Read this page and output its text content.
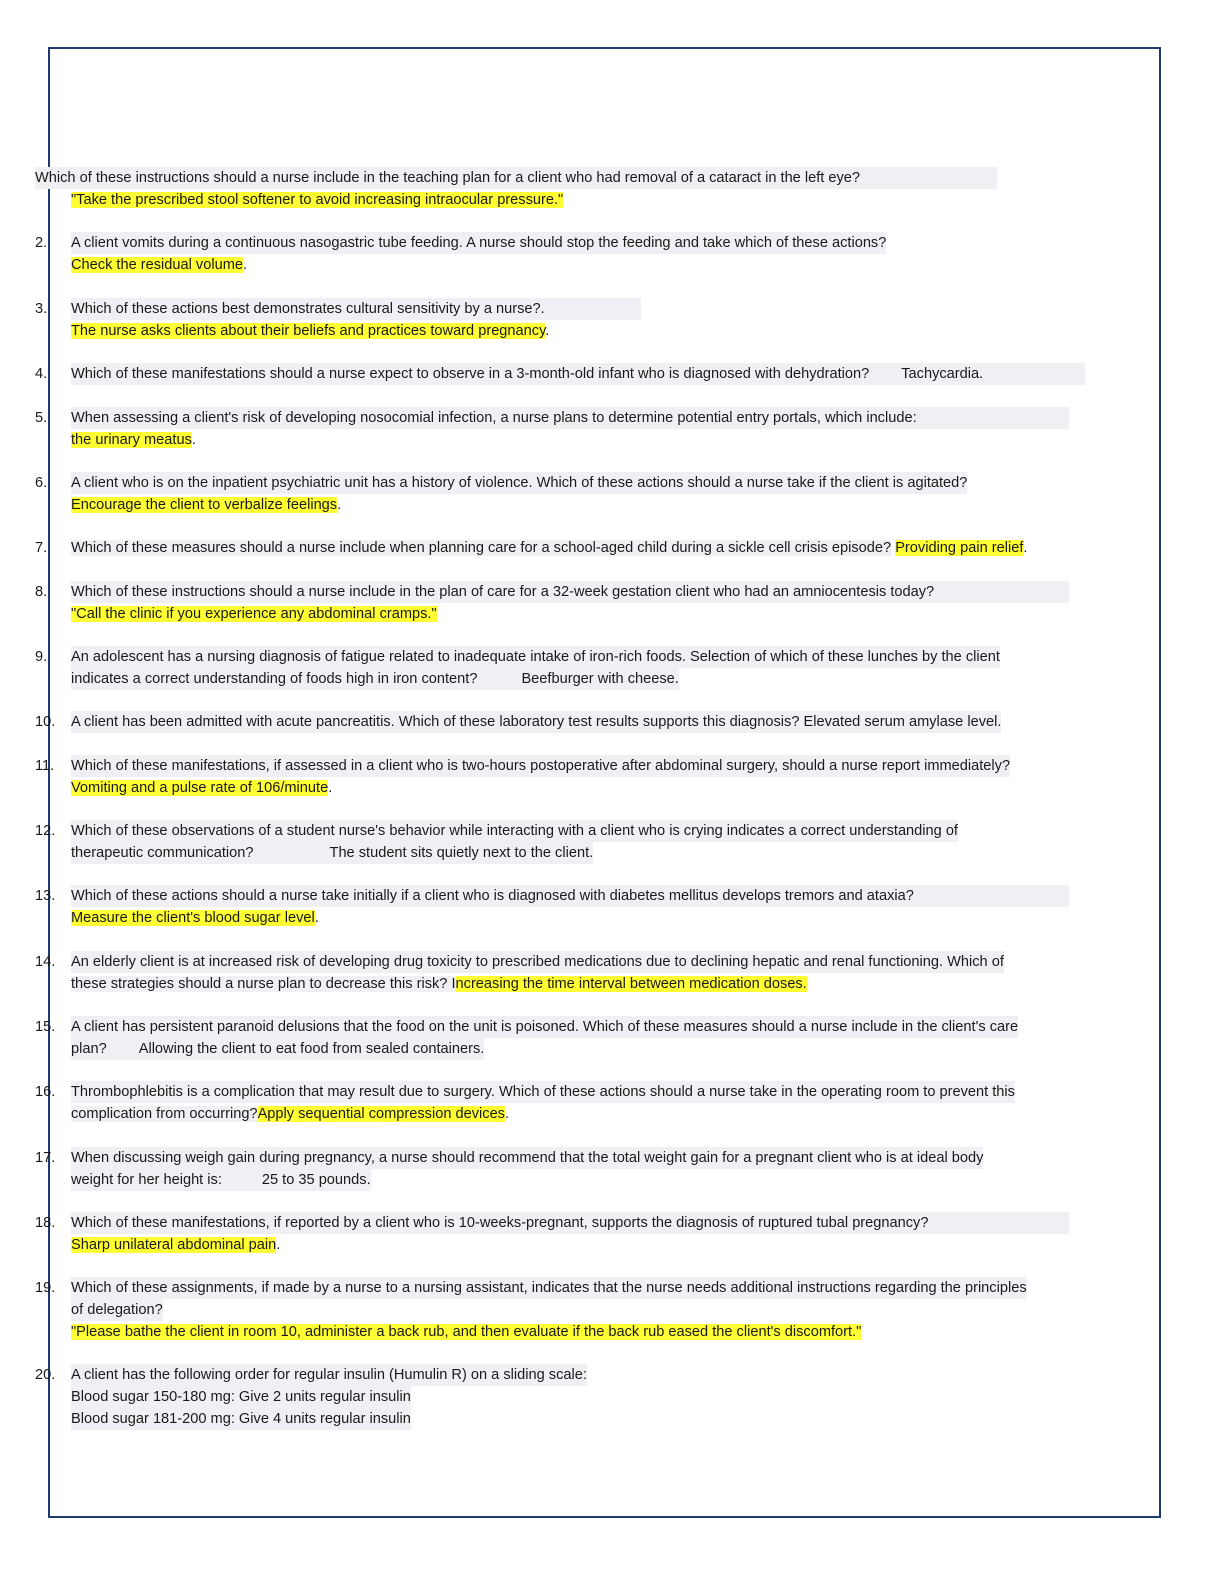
Which of these instructions should a nurse include in the teaching plan for a client who had removal of a cataract in the left eye?
"Take the prescribed stool softener to avoid increasing intraocular pressure."
2. A client vomits during a continuous nasogastric tube feeding. A nurse should stop the feeding and take which of these actions?
Check the residual volume.
3. Which of these actions best demonstrates cultural sensitivity by a nurse?.
The nurse asks clients about their beliefs and practices toward pregnancy.
4. Which of these manifestations should a nurse expect to observe in a 3-month-old infant who is diagnosed with dehydration? Tachycardia.
5. When assessing a client's risk of developing nosocomial infection, a nurse plans to determine potential entry portals, which include:
the urinary meatus.
6. A client who is on the inpatient psychiatric unit has a history of violence. Which of these actions should a nurse take if the client is agitated?
Encourage the client to verbalize feelings.
7. Which of these measures should a nurse include when planning care for a school-aged child during a sickle cell crisis episode? Providing pain relief.
8. Which of these instructions should a nurse include in the plan of care for a 32-week gestation client who had an amniocentesis today?
"Call the clinic if you experience any abdominal cramps."
9. An adolescent has a nursing diagnosis of fatigue related to inadequate intake of iron-rich foods. Selection of which of these lunches by the client
indicates a correct understanding of foods high in iron content?	Beefburger with cheese.
10. A client has been admitted with acute pancreatitis. Which of these laboratory test results supports this diagnosis? Elevated serum amylase level.
11. Which of these manifestations, if assessed in a client who is two-hours postoperative after abdominal surgery, should a nurse report immediately?
Vomiting and a pulse rate of 106/minute.
12. Which of these observations of a student nurse's behavior while interacting with a client who is crying indicates a correct understanding of
therapeutic communication?	The student sits quietly next to the client.
13. Which of these actions should a nurse take initially if a client who is diagnosed with diabetes mellitus develops tremors and ataxia?
Measure the client's blood sugar level.
14. An elderly client is at increased risk of developing drug toxicity to prescribed medications due to declining hepatic and renal functioning. Which of
these strategies should a nurse plan to decrease this risk? Increasing the time interval between medication doses.
15. A client has persistent paranoid delusions that the food on the unit is poisoned. Which of these measures should a nurse include in the client's care
plan? Allowing the client to eat food from sealed containers.
16. Thrombophlebitis is a complication that may result due to surgery. Which of these actions should a nurse take in the operating room to prevent this
complication from occurring?Apply sequential compression devices.
17. When discussing weigh gain during pregnancy, a nurse should recommend that the total weight gain for a pregnant client who is at ideal body
weight for her height is:	25 to 35 pounds.
18. Which of these manifestations, if reported by a client who is 10-weeks-pregnant, supports the diagnosis of ruptured tubal pregnancy?
Sharp unilateral abdominal pain.
19. Which of these assignments, if made by a nurse to a nursing assistant, indicates that the nurse needs additional instructions regarding the principles
of delegation?
"Please bathe the client in room 10, administer a back rub, and then evaluate if the back rub eased the client's discomfort."
20. A client has the following order for regular insulin (Humulin R) on a sliding scale:
Blood sugar 150-180 mg: Give 2 units regular insulin
Blood sugar 181-200 mg: Give 4 units regular insulin
